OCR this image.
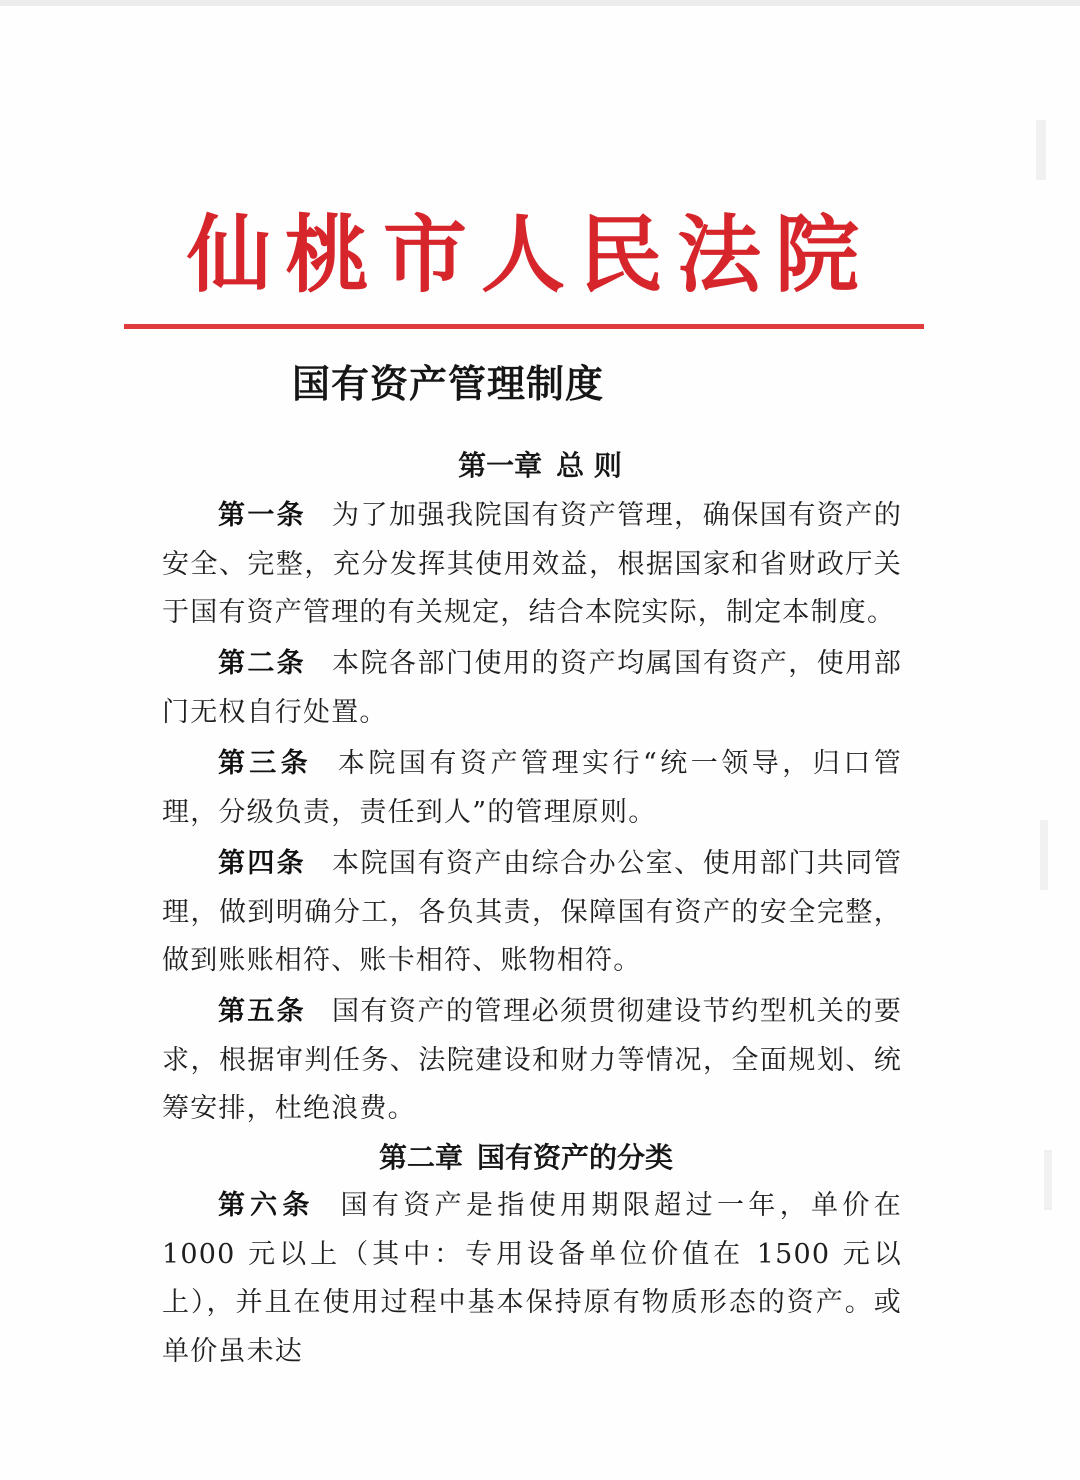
仙桃市人民法院
国有资产管理制度
第一章 总 则
第一条 为了加强我院国有资产管理，确保国有资产的安全、完整，充分发挥其使用效益，根据国家和省财政厅关于国有资产管理的有关规定，结合本院实际，制定本制度。
第二条 本院各部门使用的资产均属国有资产，使用部门无权自行处置。
第三条 本院国有资产管理实行“统一领导，归口管理，分级负责，责任到人”的管理原则。
第四条 本院国有资产由综合办公室、使用部门共同管理，做到明确分工，各负其责，保障国有资产的安全完整，做到账账相符、账卡相符、账物相符。
第五条 国有资产的管理必须贯彻建设节约型机关的要求，根据审判任务、法院建设和财力等情况，全面规划、统筹安排，杜绝浪费。
第二章 国有资产的分类
第六条 国有资产是指使用期限超过一年，单价在 1000 元以上（其中：专用设备单位价值在 1500 元以上），并且在使用过程中基本保持原有物质形态的资产。或单价虽未达
